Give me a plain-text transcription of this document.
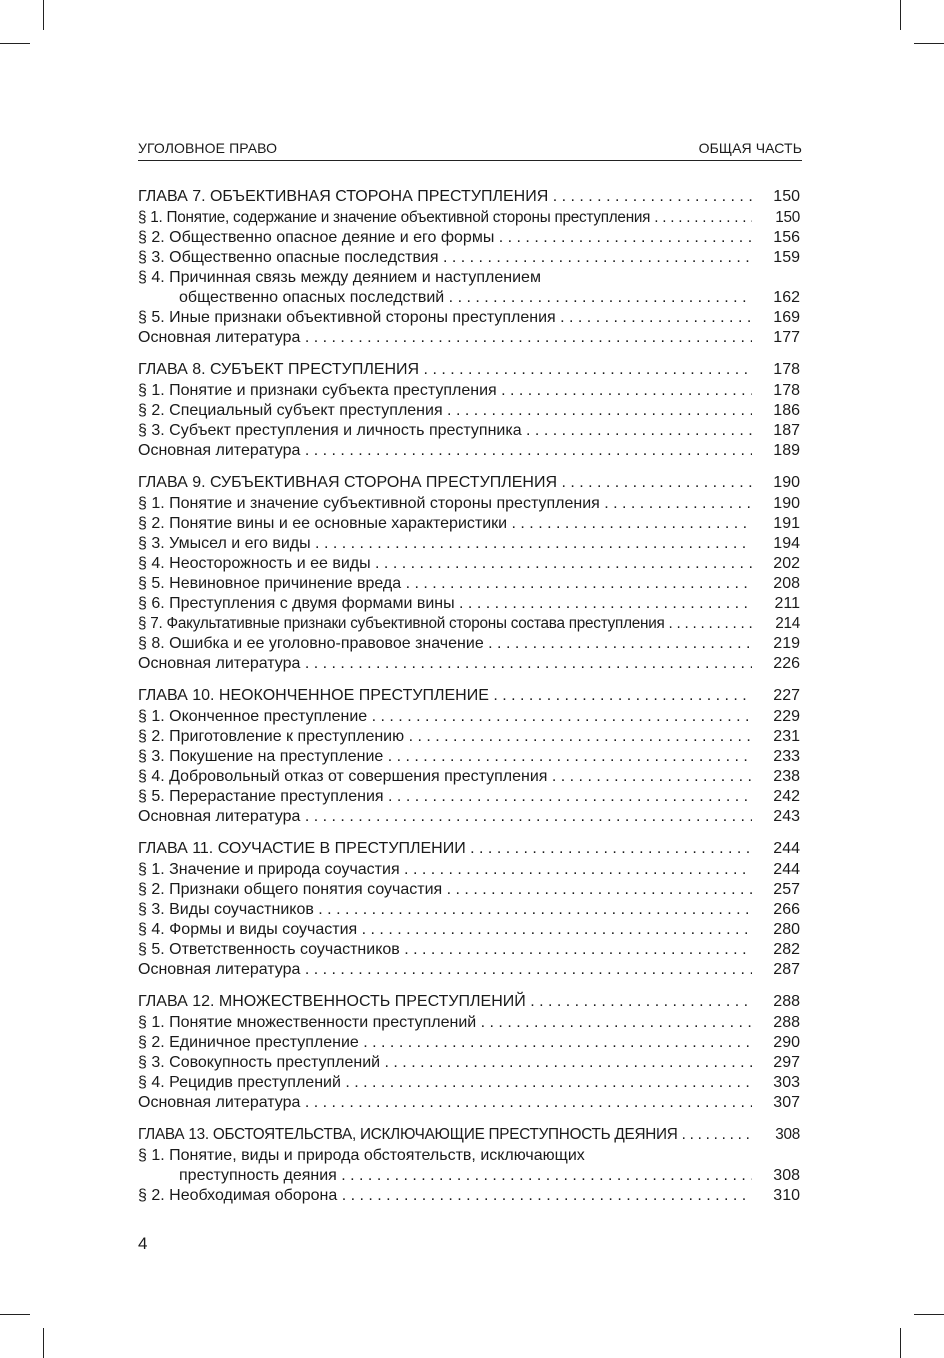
УГОЛОВНОЕ ПРАВО	ОБЩАЯ ЧАСТЬ
ГЛАВА 7. ОБЪЕКТИВНАЯ СТОРОНА ПРЕСТУПЛЕНИЯ . . .	150
§ 1. Понятие, содержание и значение объективной стороны преступления . . .	150
§ 2. Общественно опасное деяние и его формы . . .	156
§ 3. Общественно опасные последствия . . .	159
§ 4. Причинная связь между деянием и наступлением
общественно опасных последствий . . .	162
§ 5. Иные признаки объективной стороны преступления . . .	169
Основная литература . . .	177
ГЛАВА 8. СУБЪЕКТ ПРЕСТУПЛЕНИЯ . . .	178
§ 1. Понятие и признаки субъекта преступления . . .	178
§ 2. Специальный субъект преступления . . .	186
§ 3. Субъект преступления и личность преступника . . .	187
Основная литература . . .	189
ГЛАВА 9. СУБЪЕКТИВНАЯ СТОРОНА ПРЕСТУПЛЕНИЯ . . .	190
§ 1. Понятие и значение субъективной стороны преступления . . .	190
§ 2. Понятие вины и ее основные характеристики . . .	191
§ 3. Умысел и его виды . . .	194
§ 4. Неосторожность и ее виды . . .	202
§ 5. Невиновное причинение вреда . . .	208
§ 6. Преступления с двумя формами вины . . .	211
§ 7. Факультативные признаки субъективной стороны состава преступления . . .	214
§ 8. Ошибка и ее уголовно-правовое значение . . .	219
Основная литература . . .	226
ГЛАВА 10. НЕОКОНЧЕННОЕ ПРЕСТУПЛЕНИЕ . . .	227
§ 1. Оконченное преступление . . .	229
§ 2. Приготовление к преступлению . . .	231
§ 3. Покушение на преступление . . .	233
§ 4. Добровольный отказ от совершения преступления . . .	238
§ 5. Перерастание преступления . . .	242
Основная литература . . .	243
ГЛАВА 11. СОУЧАСТИЕ В ПРЕСТУПЛЕНИИ . . .	244
§ 1. Значение и природа соучастия . . .	244
§ 2. Признаки общего понятия соучастия . . .	257
§ 3. Виды соучастников . . .	266
§ 4. Формы и виды соучастия . . .	280
§ 5. Ответственность соучастников . . .	282
Основная литература . . .	287
ГЛАВА 12. МНОЖЕСТВЕННОСТЬ ПРЕСТУПЛЕНИЙ . . .	288
§ 1. Понятие множественности преступлений . . .	288
§ 2. Единичное преступление . . .	290
§ 3. Совокупность преступлений . . .	297
§ 4. Рецидив преступлений . . .	303
Основная литература . . .	307
ГЛАВА 13. ОБСТОЯТЕЛЬСТВА, ИСКЛЮЧАЮЩИЕ ПРЕСТУПНОСТЬ ДЕЯНИЯ . . .	308
§ 1. Понятие, виды и природа обстоятельств, исключающих
преступность деяния . . .	308
§ 2. Необходимая оборона . . .	310
4
